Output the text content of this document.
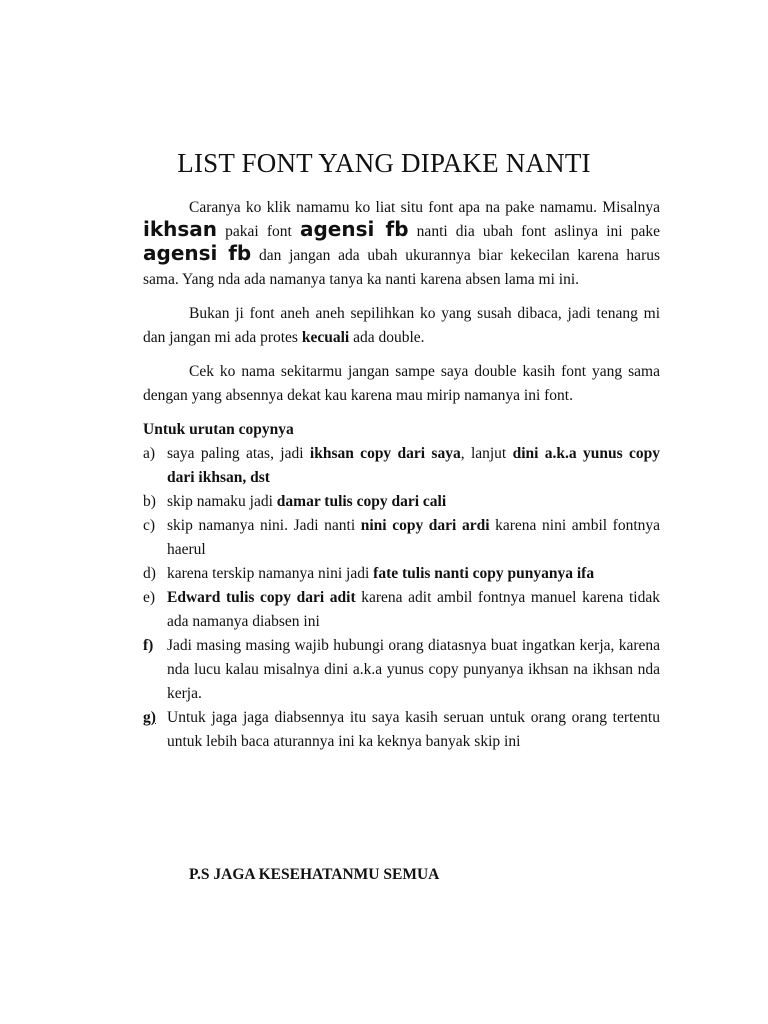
LIST FONT YANG DIPAKE NANTI

Caranya ko klik namamu ko liat situ font apa na pake namamu. Misalnya ikhsan pakai font agensi fb nanti dia ubah font aslinya ini pake agensi fb dan jangan ada ubah ukurannya biar kekecilan karena harus sama. Yang nda ada namanya tanya ka nanti karena absen lama mi ini.

Bukan ji font aneh aneh sepilihkan ko yang susah dibaca, jadi tenang mi dan jangan mi ada protes kecuali ada double.

Cek ko nama sekitarmu jangan sampe saya double kasih font yang sama dengan yang absennya dekat kau karena mau mirip namanya ini font.

Untuk urutan copynya
a) saya paling atas, jadi ikhsan copy dari saya, lanjut dini a.k.a yunus copy dari ikhsan, dst
b) skip namaku jadi damar tulis copy dari cali
c) skip namanya nini. Jadi nanti nini copy dari ardi karena nini ambil fontnya haerul
d) karena terskip namanya nini jadi fate tulis nanti copy punyanya ifa
e) Edward tulis copy dari adit karena adit ambil fontnya manuel karena tidak ada namanya diabsen ini
f) Jadi masing masing wajib hubungi orang diatasnya buat ingatkan kerja, karena nda lucu kalau misalnya dini a.k.a yunus copy punyanya ikhsan na ikhsan nda kerja.
g) Untuk jaga jaga diabsennya itu saya kasih seruan untuk orang orang tertentu untuk lebih baca aturannya ini ka keknya banyak skip ini
P.S JAGA KESEHATANMU SEMUA
